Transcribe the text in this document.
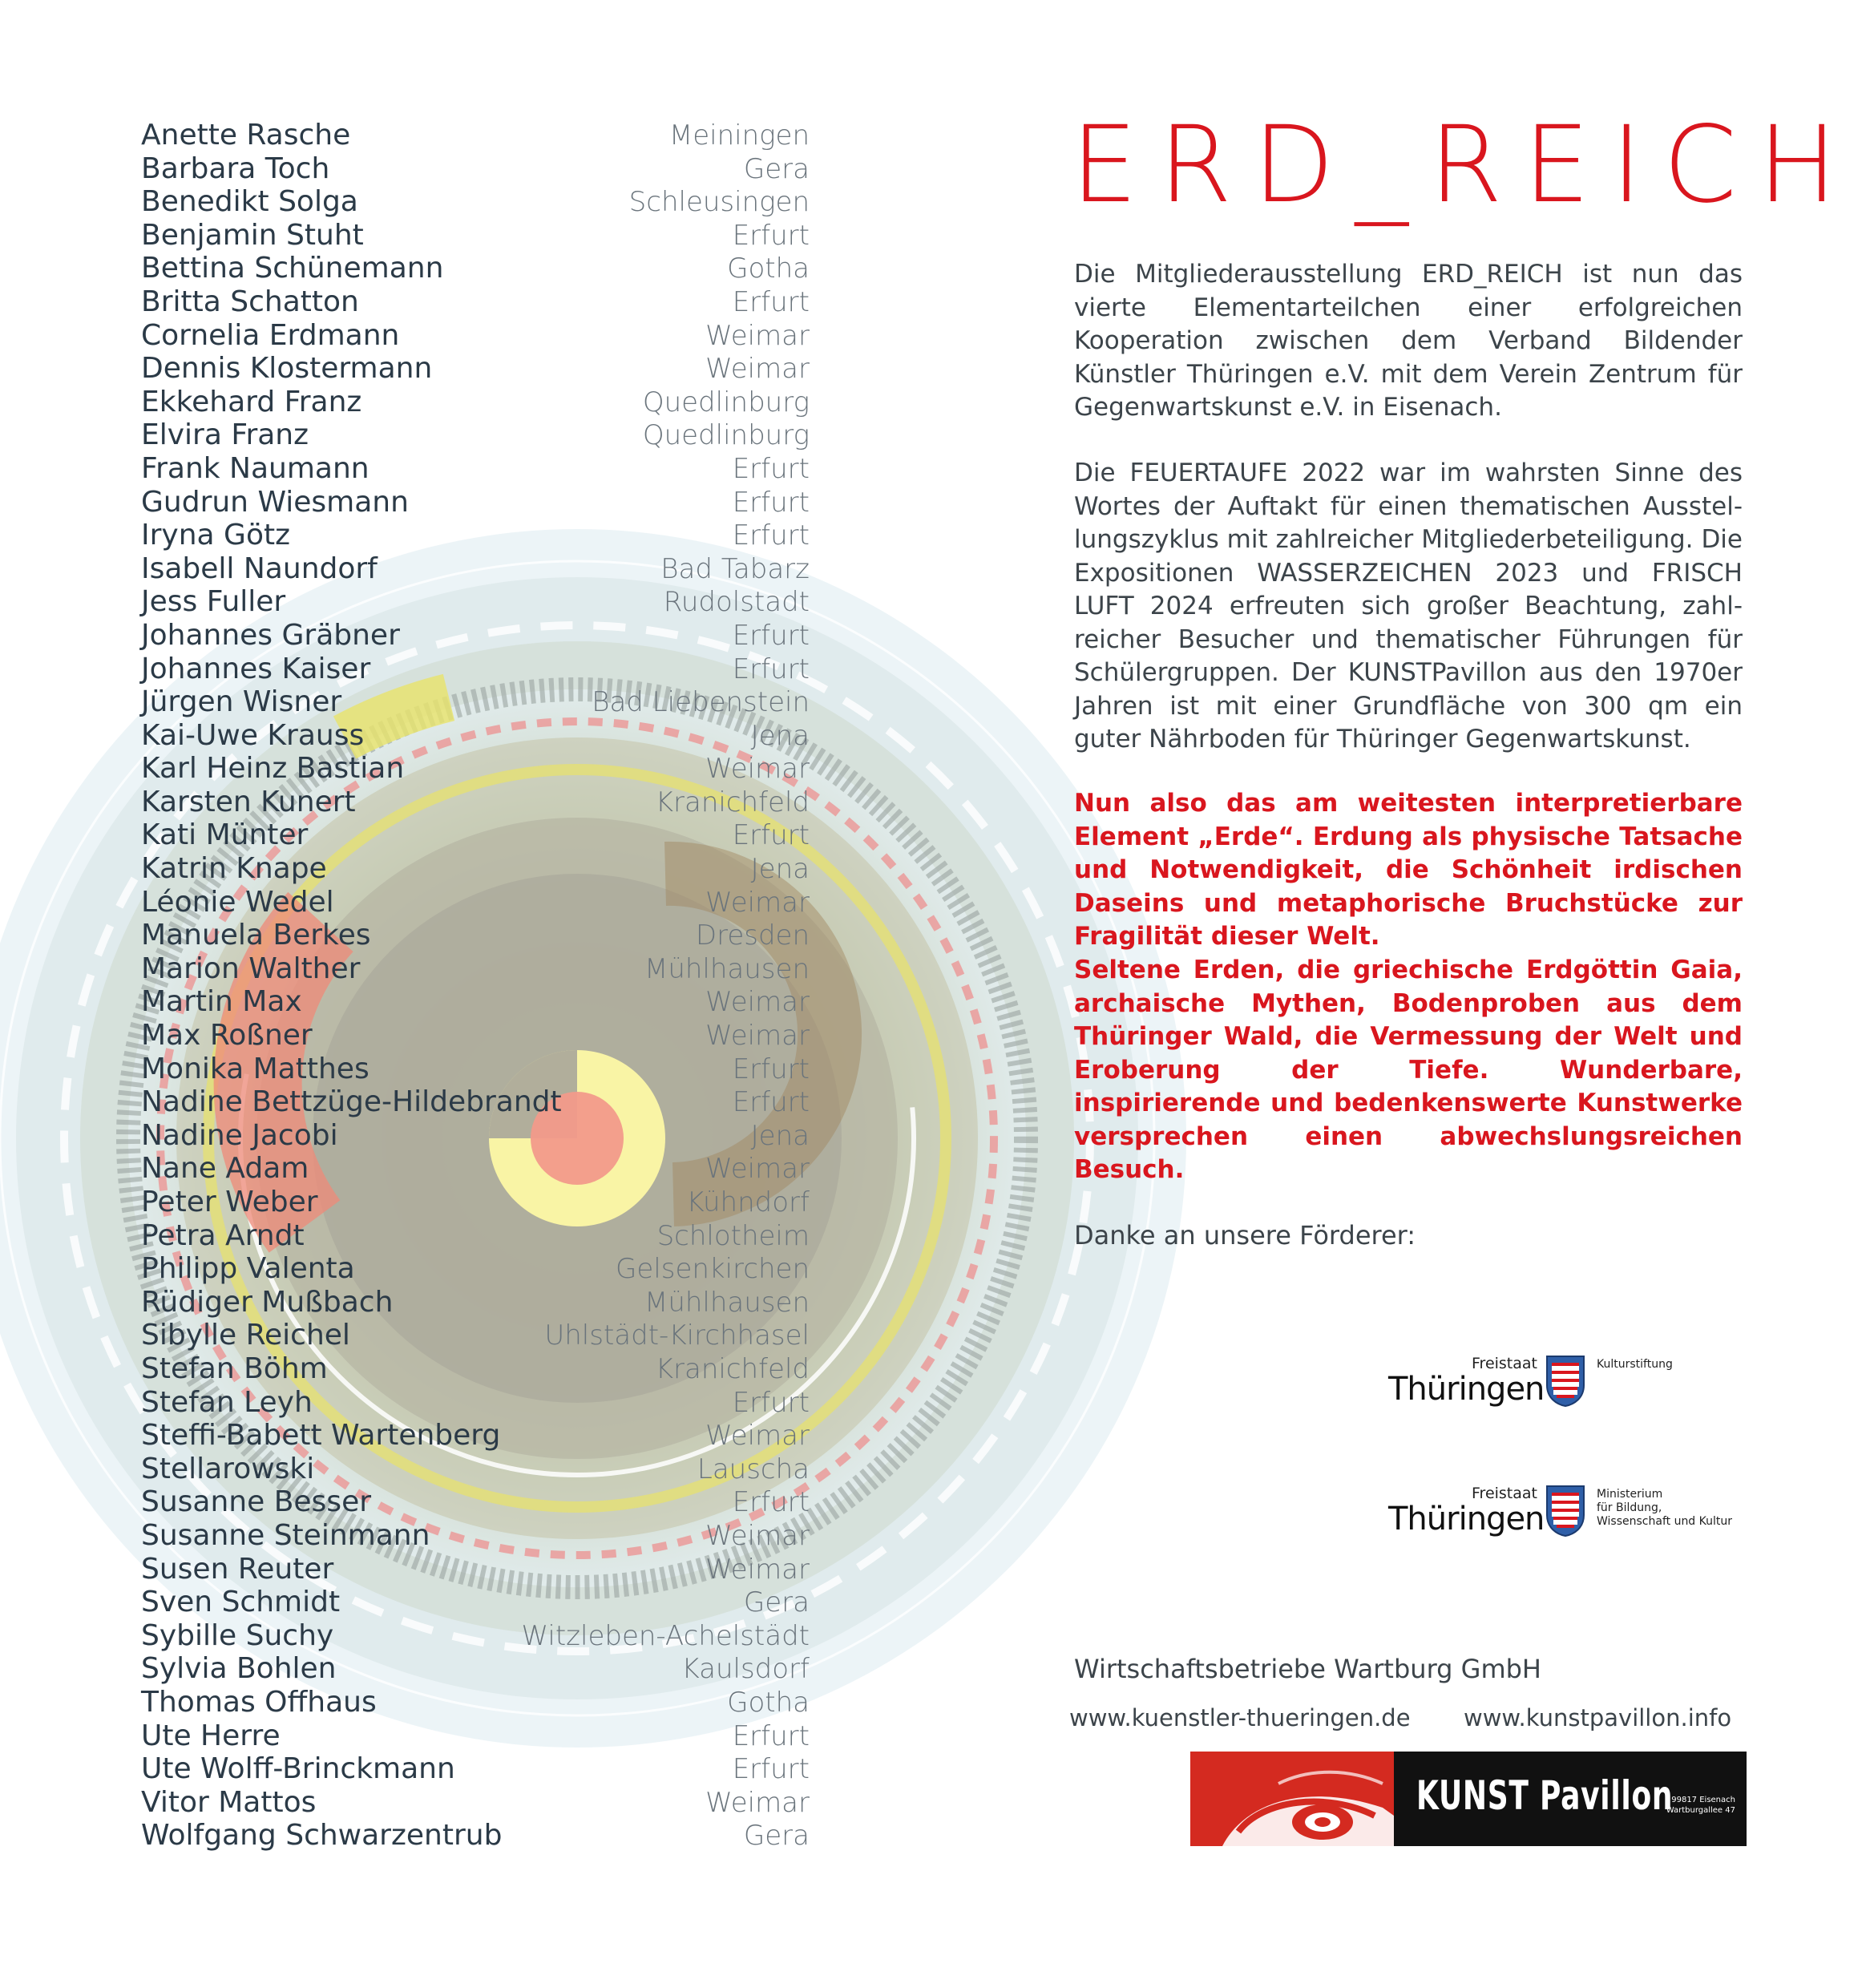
Anette Rasche	Meiningen
Barbara Toch	Gera
Benedikt Solga	Schleusingen
Benjamin Stuht	Erfurt
Bettina Schünemann	Gotha
Britta Schatton	Erfurt
Cornelia Erdmann	Weimar
Dennis Klostermann	Weimar
Ekkehard Franz	Quedlinburg
Elvira Franz	Quedlinburg
Frank Naumann	Erfurt
Gudrun Wiesmann	Erfurt
Iryna Götz	Erfurt
Isabell Naundorf	Bad Tabarz
Jess Fuller	Rudolstadt
Johannes Gräbner	Erfurt
Johannes Kaiser	Erfurt
Jürgen Wisner	Bad Liebenstein
Kai-Uwe Krauss	Jena
Karl Heinz Bastian	Weimar
Karsten Kunert	Kranichfeld
Kati Münter	Erfurt
Katrin Knape	Jena
Léonie Wedel	Weimar
Manuela Berkes	Dresden
Marion Walther	Mühlhausen
Martin Max	Weimar
Max Roßner	Weimar
Monika Matthes	Erfurt
Nadine Bettzüge-Hildebrandt	Erfurt
Nadine Jacobi	Jena
Nane Adam	Weimar
Peter Weber	Kühndorf
Petra Arndt	Schlotheim
Philipp Valenta	Gelsenkirchen
Rüdiger Mußbach	Mühlhausen
Sibylle Reichel	Uhlstädt-Kirchhasel
Stefan Böhm	Kranichfeld
Stefan Leyh	Erfurt
Steffi-Babett Wartenberg	Weimar
Stellarowski	Lauscha
Susanne Besser	Erfurt
Susanne Steinmann	Weimar
Susen Reuter	Weimar
Sven Schmidt	Gera
Sybille Suchy	Witzleben-Achelstädt
Sylvia Bohlen	Kaulsdorf
Thomas Offhaus	Gotha
Ute Herre	Erfurt
Ute Wolff-Brinckmann	Erfurt
Vitor Mattos	Weimar
Wolfgang Schwarzentrub	Gera
ERD_REICH
Die Mitgliederausstellung ERD_REICH ist nun das vierte Elementarteilchen einer erfolgreichen Kooperation zwischen dem Verband Bildender Künstler Thüringen e.V. mit dem Verein Zentrum für Gegenwartskunst e.V. in Eisenach.
Die FEUERTAUFE 2022 war im wahrsten Sinne des Wortes der Auftakt für einen thematischen Ausstellungszyklus mit zahlreicher Mitgliederbeteiligung. Die Expositionen WASSERZEICHEN 2023 und FRISCH LUFT 2024 erfreuten sich großer Beachtung, zahlreicher Besucher und thematischer Führungen für Schülergruppen. Der KUNSTPavillon aus den 1970er Jahren ist mit einer Grundfläche von 300 qm ein guter Nährboden für Thüringer Gegenwartskunst.
Nun also das am weitesten interpretierbare Element „Erde“. Erdung als physische Tatsache und Notwendigkeit, die Schönheit irdischen Daseins und metaphorische Bruchstücke zur Fragilität dieser Welt.
Seltene Erden, die griechische Erdgöttin Gaia, archaische Mythen, Bodenproben aus dem Thüringer Wald, die Vermessung der Welt und Eroberung der Tiefe. Wunderbare, inspirierende und bedenkenswerte Kunstwerke versprechen einen abwechslungsreichen Besuch.
Danke an unsere Förderer:
Freistaat
Thüringen
Kulturstiftung
Freistaat
Thüringen
Ministerium
für Bildung,
Wissenschaft und Kultur
Wirtschaftsbetriebe Wartburg GmbH
www.kuenstler-thueringen.de www.kunstpavillon.info
KUNST Pavillon
99817 Eisenach
Wartburgallee 47
